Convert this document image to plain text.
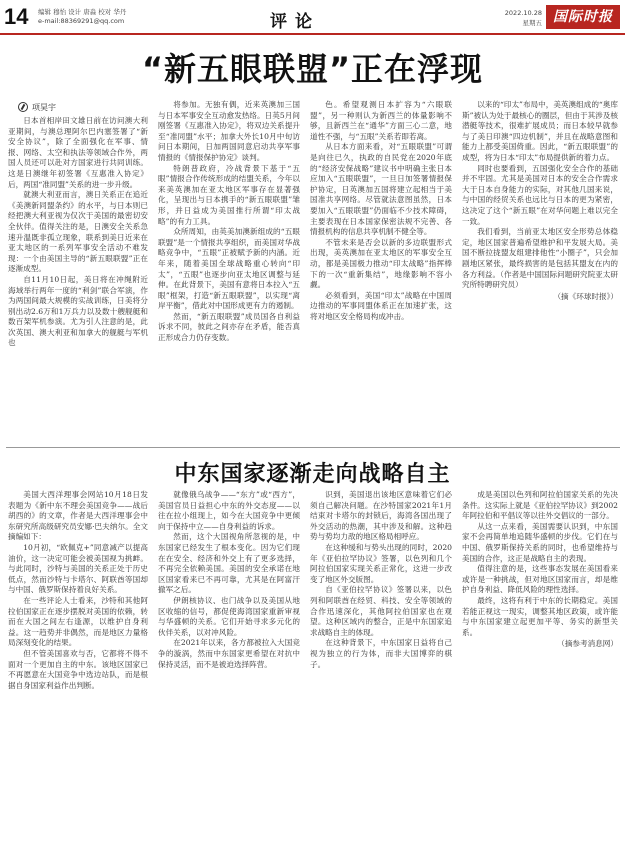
14 编辑 穆怡 设计 唐淼 校对 华丹
e-mail:88369291@qq.com	评论	2022.10.28
星期五 国际时报
“新五眼联盟”正在浮现
项昊宇

日本首相岸田文雄日前在访问澳大利亚期间，与澳总理阿尔巴内塞签署了“新安全协议”，除了全面强化在军事、情报、网络、太空和执法等领域合作外，两国人员还可以赴对方国家进行共同训练。这是日澳继年初签署《互惠准入协定》后，两国“准同盟”关系的进一步升级。

就澳大利亚而言，澳日关系正在追近《美澳新同盟条约》的水平，与日本则已经把澳大利亚视为仅次于美国的最密切安全伙伴。值得关注的是，日澳安全关系急速升温既非孤立现象，联系到美日近来在亚太地区的一系列军事安全活动不难发现：一个由美国主导的“新五眼联盟”正在逐渐成型。

自11月10日起，美日将在冲绳附近海域举行两年一度的“利剑”联合军演，作为两国间最大规模的实战训练，日美将分别出动2.6万和1万兵力以及数十艘舰艇和数百架军机参演。尤为引人注意的是，此次英国、澳大利亚和加拿大的舰艇与军机也

将参加。无独有偶，近来英澳加三国与日本军事安全互动愈发热络。日英5月间刚签署《互惠准入协定》，将双边关系提升至“准同盟”水平；加拿大外长10月中旬访问日本期间，日加两国同意启动共享军事情报的《情报保护协定》谈判。

特朗普政府，冷战背景下基于“五眼”情报合作传统形成的结盟关系，今年以来美英澳加在亚太地区军事存在显著强化，呈现出与日本携手的“新五眼联盟”雏形，并日益成为美国推行所谓“印太战略”的有力工具。

众所周知，由英美加澳新组成的“五眼联盟”是一个情报共享组织，而美国对华战略竞争中，“五眼”正被赋予新的内涵。近年来，随着美国全球战略重心转向“印太”，“五眼”也逐步向亚太地区调整与延伸。在此背景下，美国有意将日本拉入“五眼”框架，打造“新五眼联盟”，以实现“离岸平衡”，借此对中国形成更有力的遏制。

然而，“新五眼联盟”成员国各自利益诉求不同，彼此之间亦存在矛盾，能否真正形成合力仍存变数。

色。希望观测日本扩容为“六眼联盟”，另一种则认为新西兰的体量影响不够，且新西兰在“通华”方面三心二意，地道性不强，与“五眼”关系若即若离。

从日本方面来看，对“五眼联盟”可谓是向往已久，执政的自民党在2020年底的“经济安保战略”建议书中明确主张日本应加入“五眼联盟”，一旦日加签署情报保护协定，日英澳加五国将建立起相当于美国准共享网络。尽管就法意图虽然，日本要加入“五眼联盟”仍面临不少技术障碍，主要表现在日本国家保密法规不完善、各情报机构的信息共享机制不健全等。

不管未来是否会以新的多边联盟形式出现，美英澳加在亚太地区的军事安全互动，都是美国极力推动“印太战略”指挥棒下的一次“重新集结”，地缘影响不容小觑。

必须看到，美国“印太”战略在中国周边推动的军事同盟体系正在加速扩张，这将对地区安全格局构成冲击。

以来的“印太”布局中，美英澳组成的“奥库斯”被认为处于最核心的圈层，但由于其涉及核潜艇等技术，很难扩展成员；而日本较早就参与了美日印澳“四边机制”，并且在战略意图和能力上都受美国倚重。因此，“新五眼联盟”的成型，将为日本“印太”布局提供新的着力点。

同时也要看到，五国强化安全合作的基础并不牢固。尤其是美国对日本的安全合作需求大于日本自身能力的实际，对其他几国来说，与中国的经贸关系也远比与日本的更为紧密，这决定了这个“新五眼”在对华问题上难以完全一致。

我们看到，当前亚太地区安全形势总体稳定，地区国家普遍希望维护和平发展大局。美国不断拉拢盟友组建排他性“小圈子”，只会加剧地区紧张，最终损害的是包括其盟友在内的各方利益。（作者是中国国际问题研究院亚太研究所特聘研究员）

（摘《环球时报》）
中东国家逐渐走向战略自主

美国大西洋理事会网站10月18日发表题为《新中东不理会美国竞争——战后胡西的》的文章，作者是大西洋理事会中东研究所高级研究员安娜·巴夫纳尔。全文摘编如下：

10月初，“欧佩克+”同意减产以提高油价，这一决定可能会被美国视为挑衅。与此同时，沙特与美国的关系正处于历史低点，然而沙特与卡塔尔、阿联酋等国却与中国、俄罗斯保持着良好关系。

在一些评论人士看来，沙特和其他阿拉伯国家正在逐步摆脱对美国的依赖，转而在大国之间左右逢源，以维护自身利益。这一趋势并非偶然，而是地区力量格局深刻变化的结果。

但不管美国喜欢与否，它都将不得不面对一个更加自主的中东。该地区国家已不再愿意在大国竞争中选边站队，而是根据自身国家利益作出判断。

就像俄乌战争——“东方”或“西方”，美国官员日益担心中东的外交态度——以往在拉小组现上，如今在大国竞争中更倾向于保持中立——自身利益的诉求。

然而，这个大国视角所忽视的是，中东国家已经发生了根本变化。因为它们现在在安全、经济和外交上有了更多选择，不再完全依赖美国。美国的安全承诺在地区国家看来已不再可靠，尤其是在阿富汗撤军之后。

伊朗核协议、也门战争以及美国从地区收缩的信号，都促使海湾国家重新审视与华盛顿的关系。它们开始寻求多元化的伙伴关系，以对冲风险。

在2021年以来，各方都被拉入大国竞争的漩涡，然而中东国家更希望在对抗中保持灵活，而不是被迫选择阵营。

识到，美国退出该地区意味着它们必须自己解决问题。在沙特国家2021年1月结束对卡塔尔的封锁后，海湾各国出现了外交活动的热潮，其中涉及和解。这种趋势与势均力敌的地区格局相呼应。

在这种缓和与势头出现的同时，2020年《亚伯拉罕协议》签署，以色列和几个阿拉伯国家实现关系正常化，这进一步改变了地区外交版图。

自《亚伯拉罕协议》签署以来，以色列和阿联酋在经贸、科技、安全等领域的合作迅速深化，其他阿拉伯国家也在观望。这种区域内的整合，正是中东国家追求战略自主的体现。

在这种背景下，中东国家日益将自己视为独立的行为体，而非大国博弈的棋子。

成是美国以色列和阿拉伯国家关系的先决条件。这实际上就是《亚伯拉罕协议》到2002年阿拉伯和平倡议等以往外交倡议的一部分。

从这一点来看，美国需要认识到，中东国家不会再简单地追随华盛顿的步伐。它们在与中国、俄罗斯保持关系的同时，也希望维持与美国的合作，这正是战略自主的表现。

值得注意的是，这些事态发展在美国看来或许是一种挑战，但对地区国家而言，却是维护自身利益、降低风险的理性选择。

最终，这将有利于中东的长期稳定。美国若能正视这一现实，调整其地区政策，或许能与中东国家建立起更加平等、务实的新型关系。

（摘参考消息网）
